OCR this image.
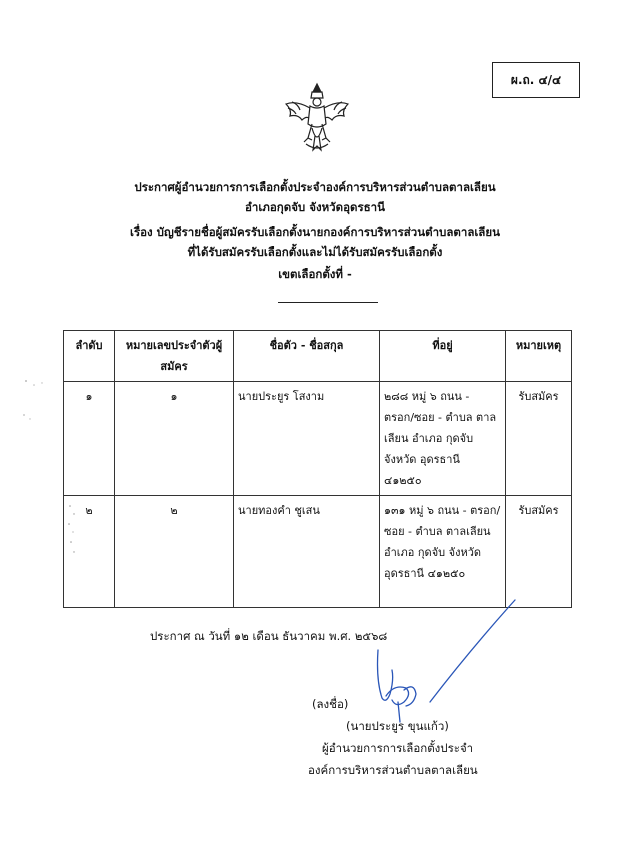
ผ.ถ. ๔/๔
ประกาศผู้อำนวยการการเลือกตั้งประจำองค์การบริหารส่วนตำบลตาลเลียน
อำเภอกุดจับ จังหวัดอุดรธานี
เรื่อง บัญชีรายชื่อผู้สมัครรับเลือกตั้งนายกองค์การบริหารส่วนตำบลตาลเลียน
ที่ได้รับสมัครรับเลือกตั้งและไม่ได้รับสมัครรับเลือกตั้ง
เขตเลือกตั้งที่ -
ลำดับ	หมายเลขประจำตัวผู้สมัคร	ชื่อตัว - ชื่อสกุล	ที่อยู่	หมายเหตุ
๑	๑	นายประยูร โสงาม	๒๘๘ หมู่ ๖ ถนน - ตรอก/ซอย - ตำบล ตาลเลียน อำเภอ กุดจับ จังหวัด อุดรธานี ๔๑๒๕๐	รับสมัคร
๒	๒	นายทองคำ ชูเสน	๑๓๑ หมู่ ๖ ถนน - ตรอก/ซอย - ตำบล ตาลเลียน อำเภอ กุดจับ จังหวัด อุดรธานี ๔๑๒๕๐	รับสมัคร
ประกาศ ณ วันที่ ๑๒ เดือน ธันวาคม พ.ศ. ๒๕๖๘
(ลงชื่อ)
(นายประยูร ขุนแก้ว)
ผู้อำนวยการการเลือกตั้งประจำ
องค์การบริหารส่วนตำบลตาลเลียน
